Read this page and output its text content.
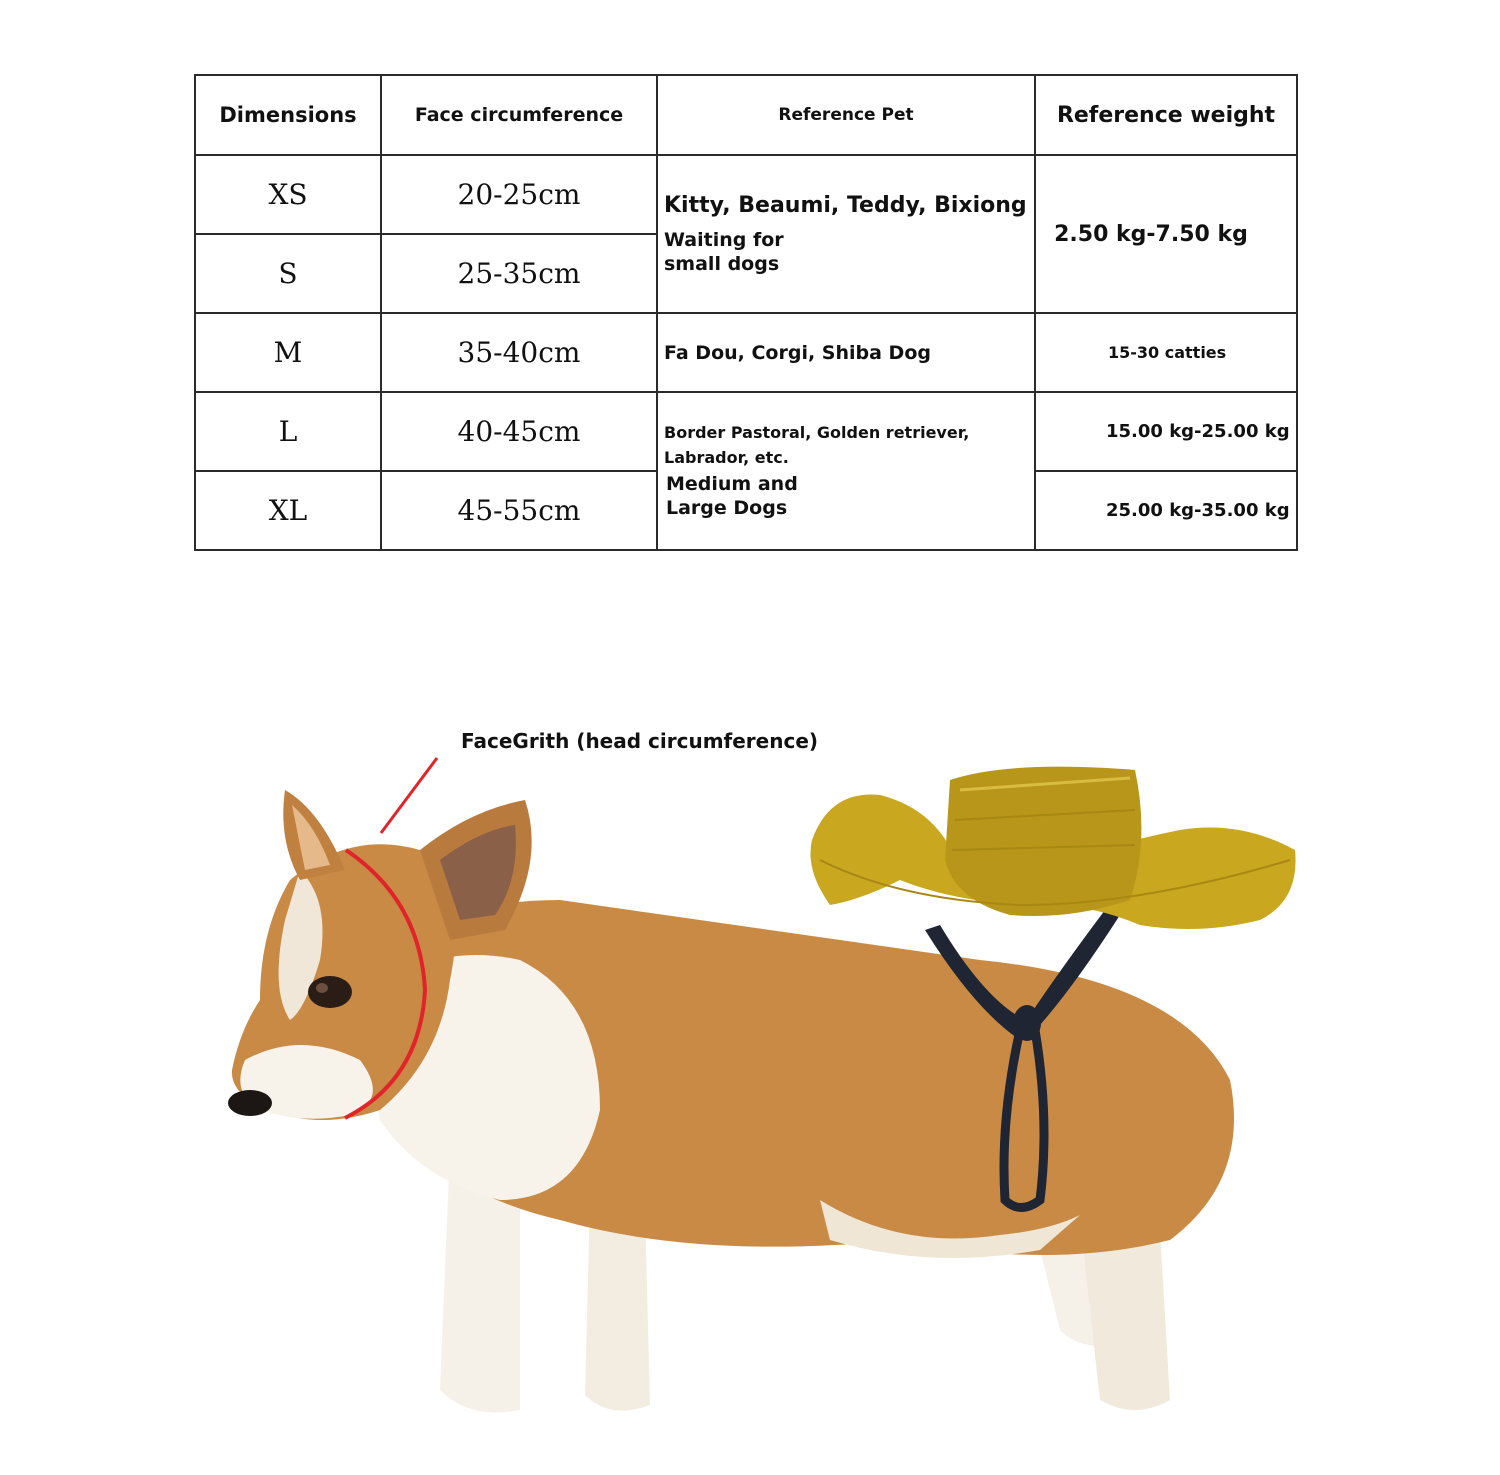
Dimensions	Face circumference	Reference Pet	Reference weight
XS	20-25cm	Kitty, Beaumi, Teddy, Bixiong
Waiting for
small dogs	2.50 kg-7.50 kg
S	25-35cm		
M	35-40cm	Fa Dou, Corgi, Shiba Dog	15-30 catties
L	40-45cm	Border Pastoral, Golden retriever,
Labrador, etc.
Medium and
Large Dogs	15.00 kg-25.00 kg
XL	45-55cm		25.00 kg-35.00 kg
FaceGrith (head circumference)
